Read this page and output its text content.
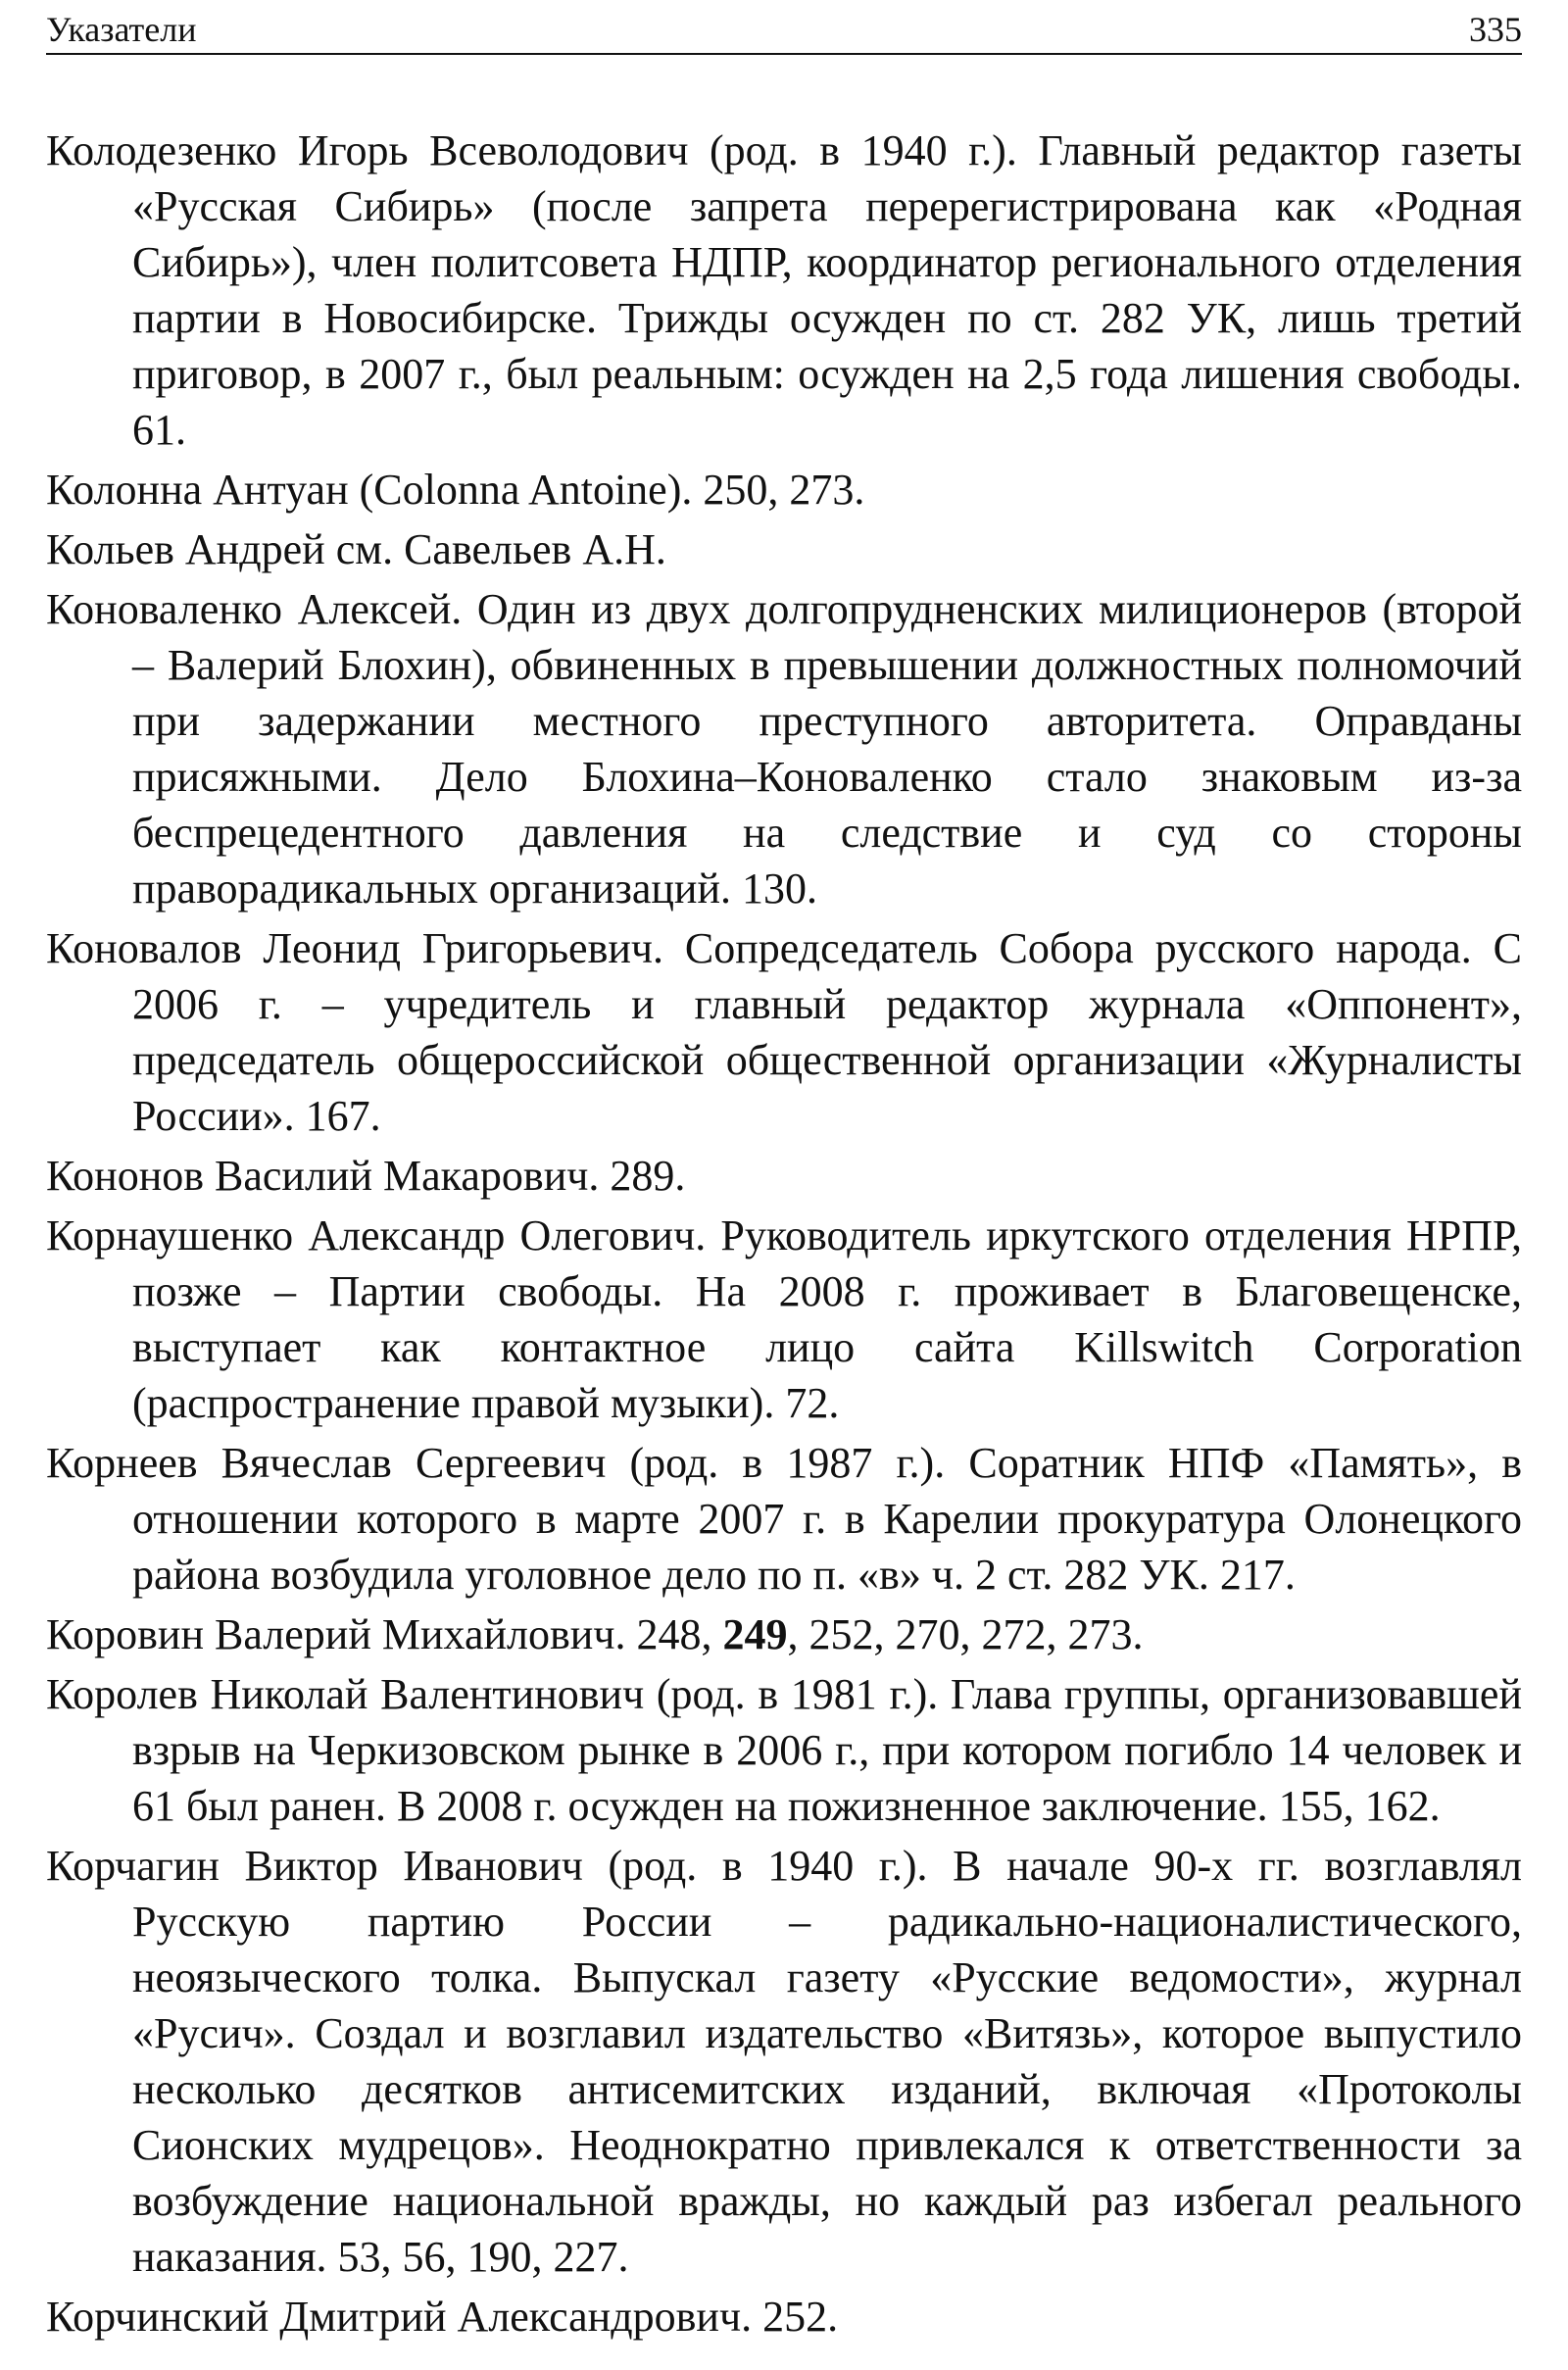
Указатели	335

Колодезенко Игорь Всеволодович (род. в 1940 г.). Главный редактор газеты «Русская Сибирь» (после запрета перерегистрирована как «Родная Сибирь»), член политсовета НДПР, координатор регионального отделения партии в Новосибирске. Трижды осужден по ст. 282 УК, лишь третий приговор, в 2007 г., был реальным: осужден на 2,5 года лишения свободы. 61.

Колонна Антуан (Colonna Antoine). 250, 273.

Кольев Андрей см. Савельев А.Н.

Коноваленко Алексей. Один из двух долгопрудненских милиционеров (второй – Валерий Блохин), обвиненных в превышении должностных полномочий при задержании местного преступного авторитета. Оправданы присяжными. Дело Блохина–Коноваленко стало знаковым из-за беспрецедентного давления на следствие и суд со стороны праворадикальных организаций. 130.

Коновалов Леонид Григорьевич. Сопредседатель Собора русского народа. С 2006 г. – учредитель и главный редактор журнала «Оппонент», председатель общероссийской общественной организации «Журналисты России». 167.

Кононов Василий Макарович. 289.

Корнаушенко Александр Олегович. Руководитель иркутского отделения НРПР, позже – Партии свободы. На 2008 г. проживает в Благовещенске, выступает как контактное лицо сайта Killswitch Corporation (распространение правой музыки). 72.

Корнеев Вячеслав Сергеевич (род. в 1987 г.). Соратник НПФ «Память», в отношении которого в марте 2007 г. в Карелии прокуратура Олонецкого района возбудила уголовное дело по п. «в» ч. 2 ст. 282 УК. 217.

Коровин Валерий Михайлович. 248, 249, 252, 270, 272, 273.

Королев Николай Валентинович (род. в 1981 г.). Глава группы, организовавшей взрыв на Черкизовском рынке в 2006 г., при котором погибло 14 человек и 61 был ранен. В 2008 г. осужден на пожизненное заключение. 155, 162.

Корчагин Виктор Иванович (род. в 1940 г.). В начале 90-х гг. возглавлял Русскую партию России – радикально-националистического, неоязыческого толка. Выпускал газету «Русские ведомости», журнал «Русич». Создал и возглавил издательство «Витязь», которое выпустило несколько десятков антисемитских изданий, включая «Протоколы Сионских мудрецов». Неоднократно привлекался к ответственности за возбуждение национальной вражды, но каждый раз избегал реального наказания. 53, 56, 190, 227.

Корчинский Дмитрий Александрович. 252.
